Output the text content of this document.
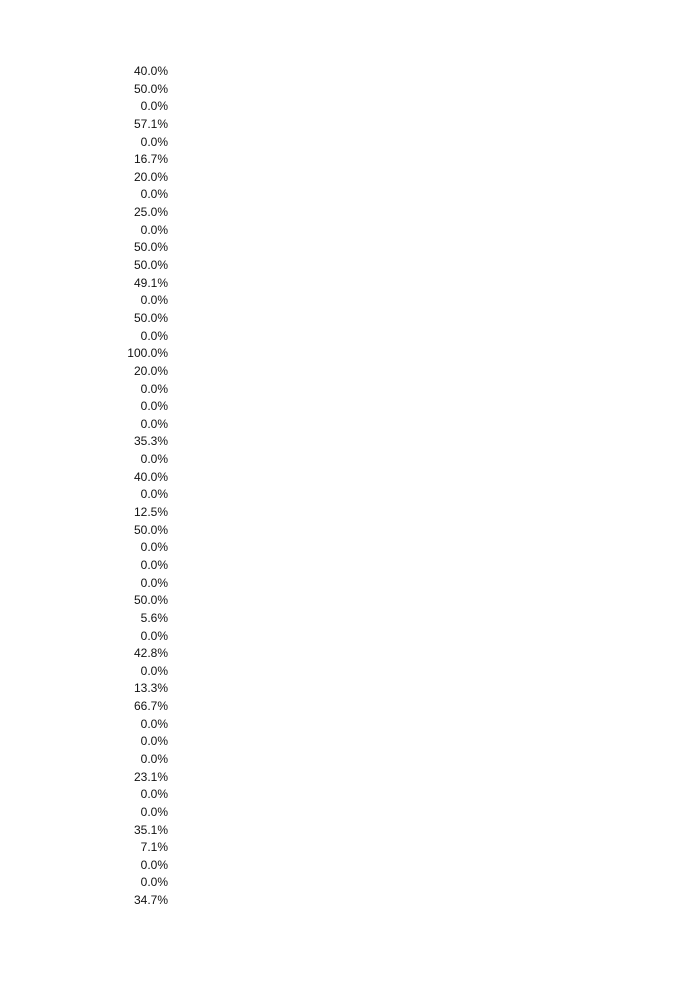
40.0%
50.0%
0.0%
57.1%
0.0%
16.7%
20.0%
0.0%
25.0%
0.0%
50.0%
50.0%
49.1%
0.0%
50.0%
0.0%
100.0%
20.0%
0.0%
0.0%
0.0%
35.3%
0.0%
40.0%
0.0%
12.5%
50.0%
0.0%
0.0%
0.0%
50.0%
5.6%
0.0%
42.8%
0.0%
13.3%
66.7%
0.0%
0.0%
0.0%
23.1%
0.0%
0.0%
35.1%
7.1%
0.0%
0.0%
34.7%
